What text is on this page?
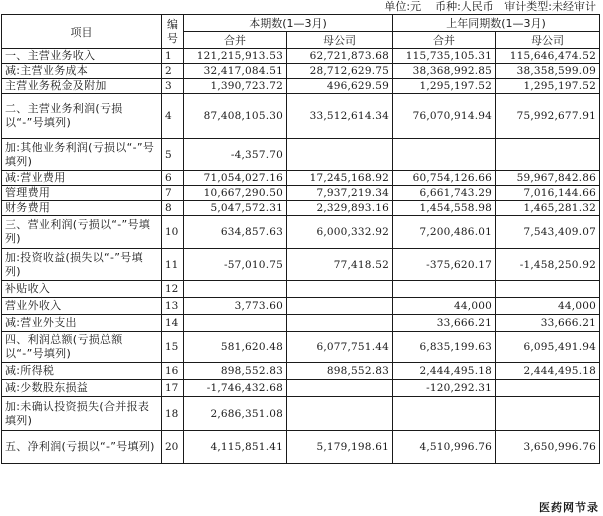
单位:元    币种:人民币   审计类型:未经审计
项目	编号	本期数(1—3月)		上年同期数(1—3月)	
		合并	母公司	合并	母公司
一、主营业务收入	1	121,215,913.53	62,721,873.68	115,735,105.31	115,646,474.52
减:主营业务成本	2	32,417,084.51	28,712,629.75	38,368,992.85	38,358,599.09
主营业务税金及附加	3	1,390,723.72	496,629.59	1,295,197.52	1,295,197.52
二、主营业务利润(亏损以“-”号填列)	4	87,408,105.30	33,512,614.34	76,070,914.94	75,992,677.91
加:其他业务利润(亏损以“-”号填列)	5	-4,357.70			
减:营业费用	6	71,054,027.16	17,245,168.92	60,754,126.66	59,967,842.86
管理费用	7	10,667,290.50	7,937,219.34	6,661,743.29	7,016,144.66
财务费用	8	5,047,572.31	2,329,893.16	1,454,558.98	1,465,281.32
三、营业利润(亏损以“-”号填列)	10	634,857.63	6,000,332.92	7,200,486.01	7,543,409.07
加:投资收益(损失以“-”号填列)	11	-57,010.75	77,418.52	-375,620.17	-1,458,250.92
补贴收入	12				
营业外收入	13	3,773.60		44,000	44,000
减:营业外支出	14			33,666.21	33,666.21
四、利润总额(亏损总额以“-”号填列)	15	581,620.48	6,077,751.44	6,835,199.63	6,095,491.94
减:所得税	16	898,552.83	898,552.83	2,444,495.18	2,444,495.18
减:少数股东损益	17	-1,746,432.68		-120,292.31	
加:未确认投资损失(合并报表填列)	18	2,686,351.08			
五、净利润(亏损以“-”号填列)	20	4,115,851.41	5,179,198.61	4,510,996.76	3,650,996.76
医药网节录
